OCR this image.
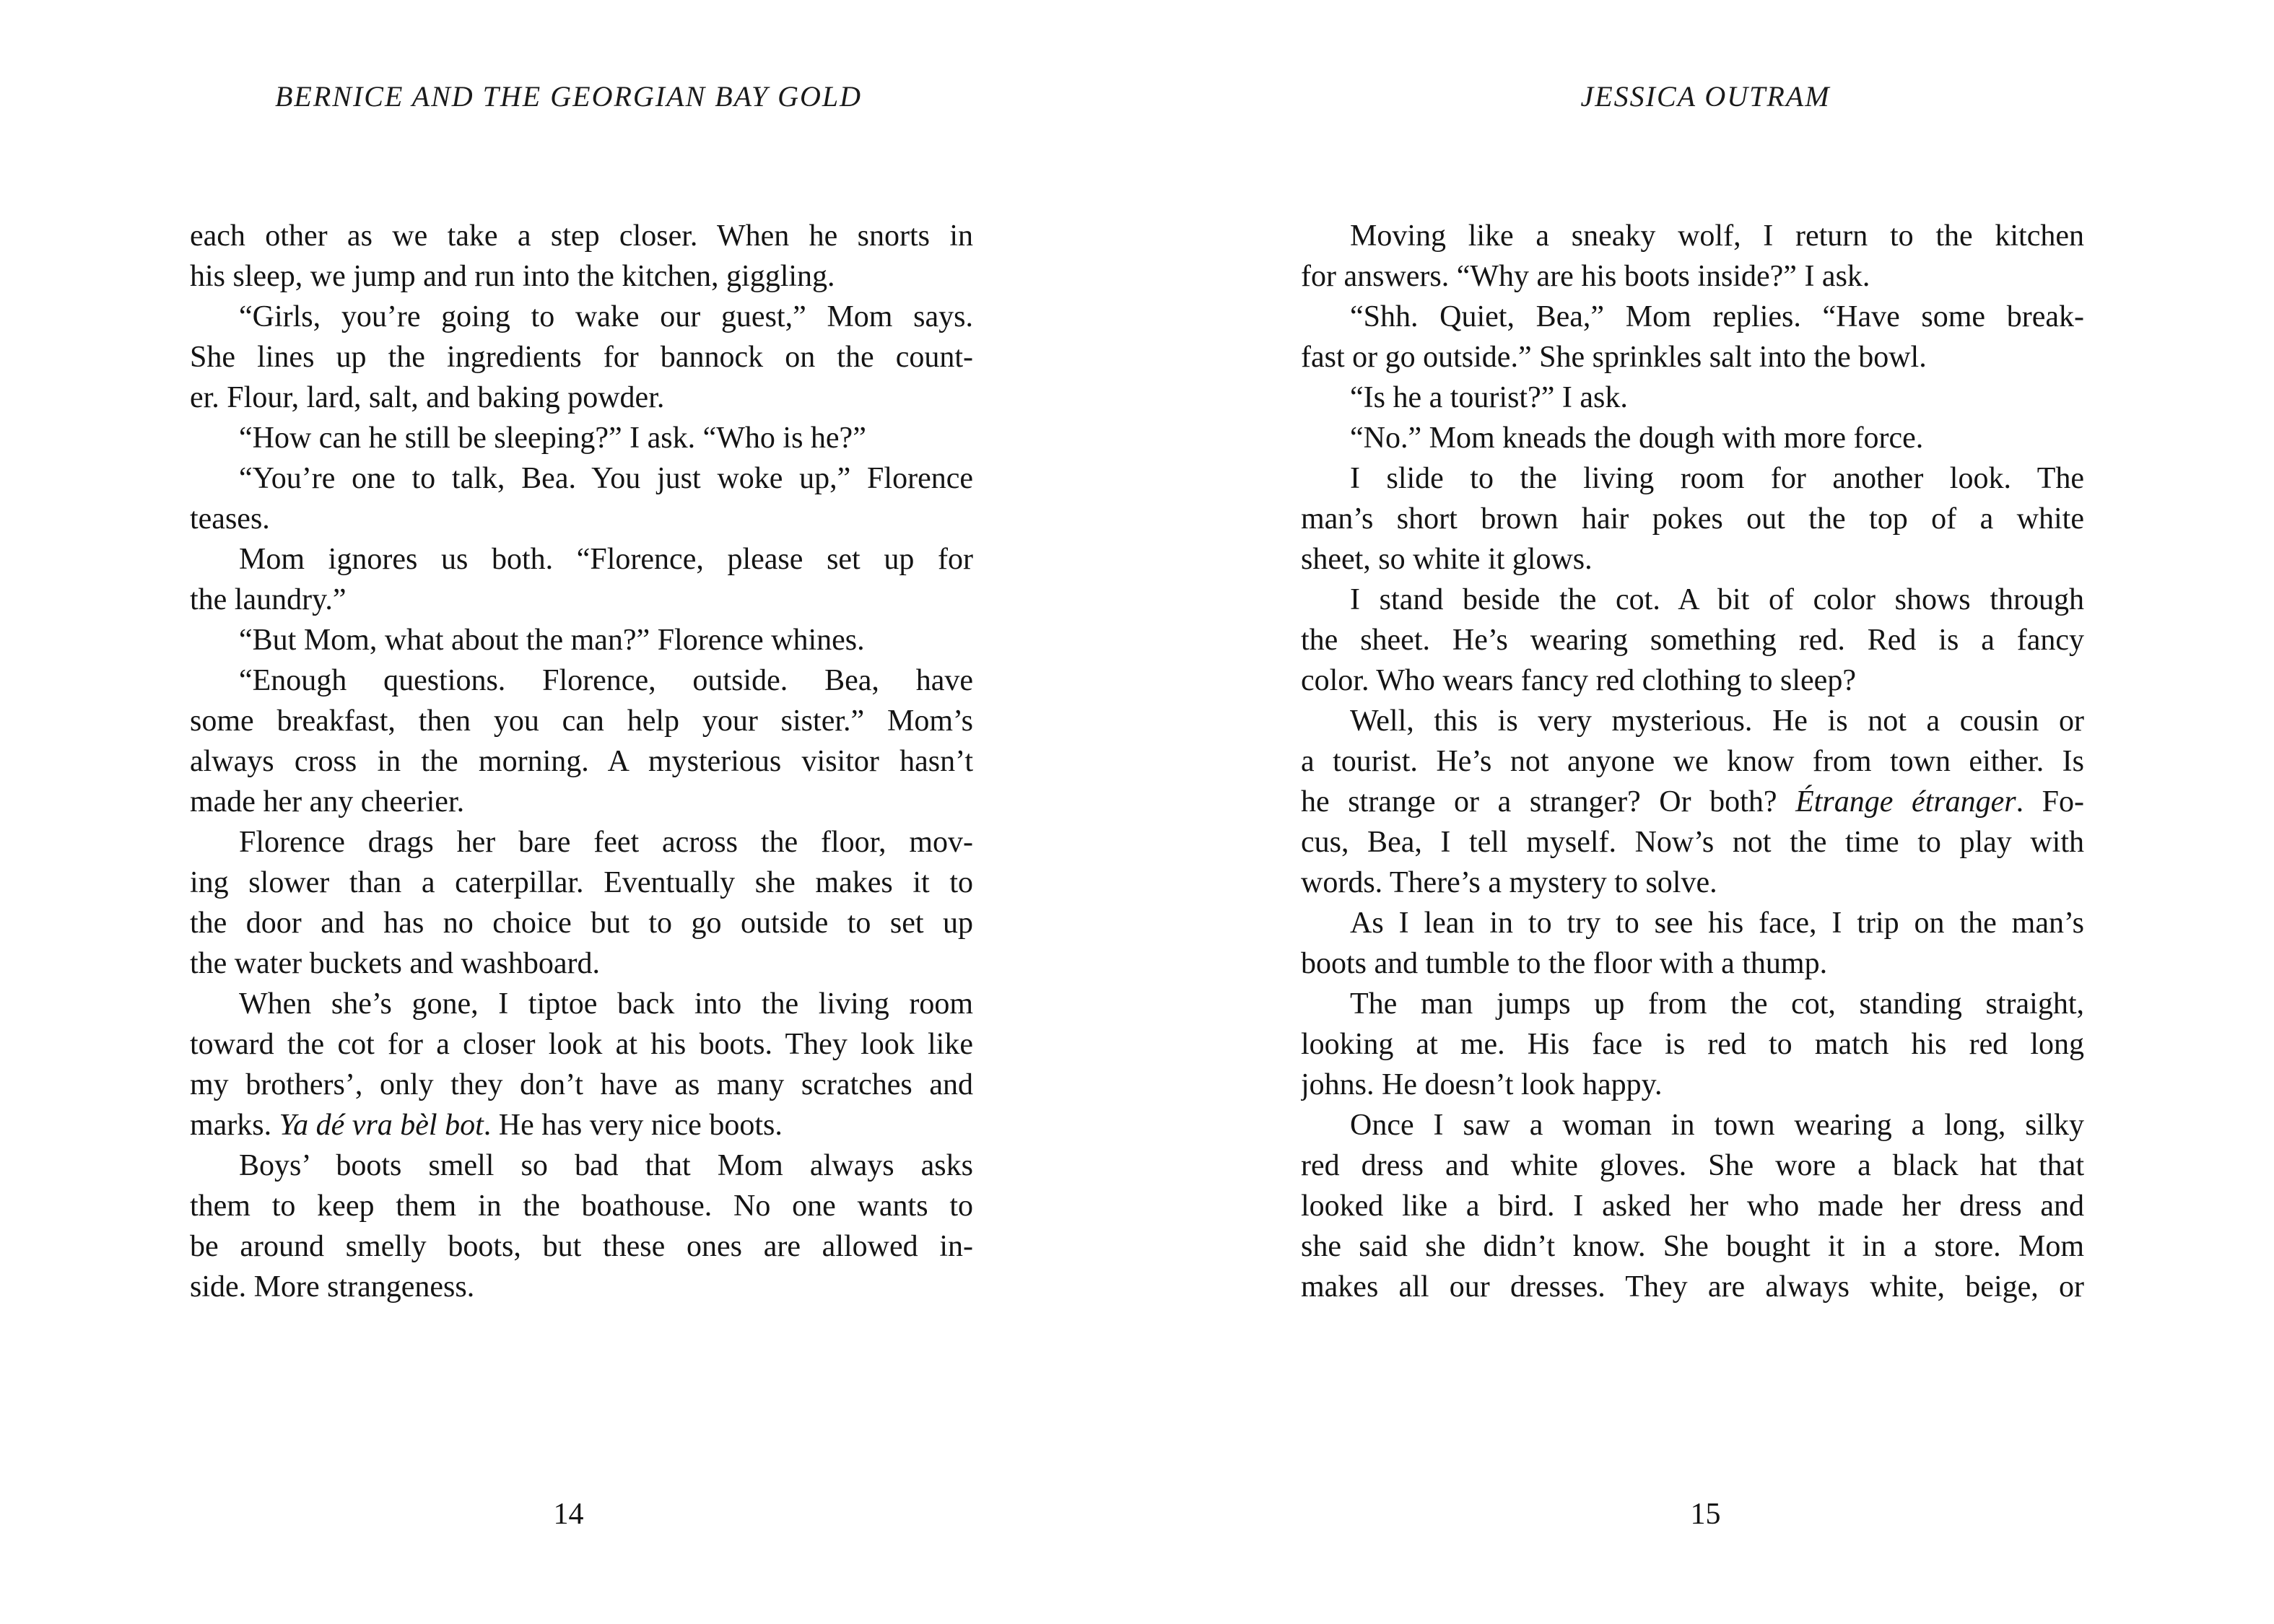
BERNICE AND THE GEORGIAN BAY GOLD
each other as we take a step closer. When he snorts in
his sleep, we jump and run into the kitchen, giggling.
“Girls, you’re going to wake our guest,” Mom says.
She lines up the ingredients for bannock on the count-
er. Flour, lard, salt, and baking powder.
“How can he still be sleeping?” I ask. “Who is he?”
“You’re one to talk, Bea. You just woke up,” Florence
teases.
Mom ignores us both. “Florence, please set up for
the laundry.”
“But Mom, what about the man?” Florence whines.
“Enough questions. Florence, outside. Bea, have
some breakfast, then you can help your sister.” Mom’s
always cross in the morning. A mysterious visitor hasn’t
made her any cheerier.
Florence drags her bare feet across the floor, mov-
ing slower than a caterpillar. Eventually she makes it to
the door and has no choice but to go outside to set up
the water buckets and washboard.
When she’s gone, I tiptoe back into the living room
toward the cot for a closer look at his boots. They look like
my brothers’, only they don’t have as many scratches and
marks. Ya dé vra bèl bot. He has very nice boots.
Boys’ boots smell so bad that Mom always asks
them to keep them in the boathouse. No one wants to
be around smelly boots, but these ones are allowed in-
side. More strangeness.
14
JESSICA OUTRAM
Moving like a sneaky wolf, I return to the kitchen
for answers. “Why are his boots inside?” I ask.
“Shh. Quiet, Bea,” Mom replies. “Have some break-
fast or go outside.” She sprinkles salt into the bowl.
“Is he a tourist?” I ask.
“No.” Mom kneads the dough with more force.
I slide to the living room for another look. The
man’s short brown hair pokes out the top of a white
sheet, so white it glows.
I stand beside the cot. A bit of color shows through
the sheet. He’s wearing something red. Red is a fancy
color. Who wears fancy red clothing to sleep?
Well, this is very mysterious. He is not a cousin or
a tourist. He’s not anyone we know from town either. Is
he strange or a stranger? Or both? Étrange étranger. Fo-
cus, Bea, I tell myself. Now’s not the time to play with
words. There’s a mystery to solve.
As I lean in to try to see his face, I trip on the man’s
boots and tumble to the floor with a thump.
The man jumps up from the cot, standing straight,
looking at me. His face is red to match his red long
johns. He doesn’t look happy.
Once I saw a woman in town wearing a long, silky
red dress and white gloves. She wore a black hat that
looked like a bird. I asked her who made her dress and
she said she didn’t know. She bought it in a store. Mom
makes all our dresses. They are always white, beige, or
15
